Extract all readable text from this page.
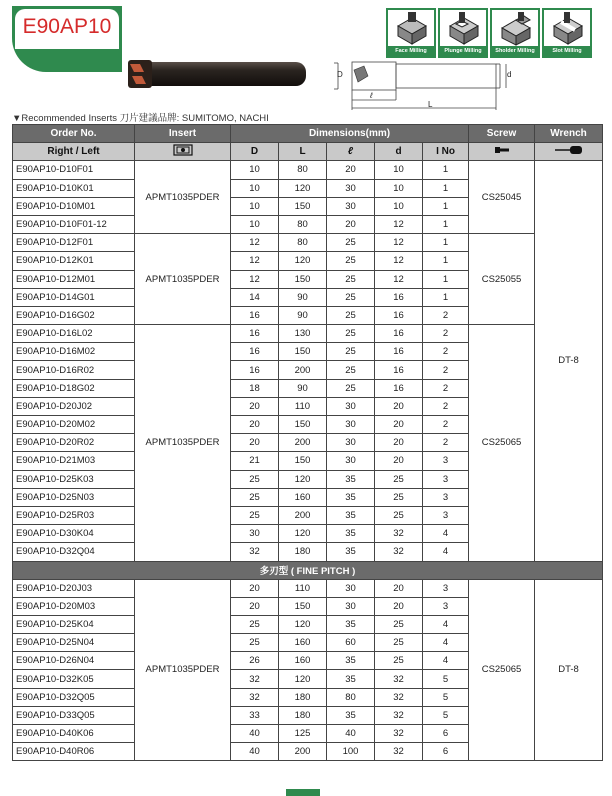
E90AP10
Face Milling	Plunge Milling	Sholder Milling	Slot Milling
D	d
ℓ
L
▼Recommended Inserts 刀片建議品牌: SUMITOMO, NACHI
Order No.	Insert	Dimensions(mm)					Screw	Wrench
Right / Left		D	L	ℓ	d	I No		
E90AP10-D10F01	APMT1035PDER	10	80	20	10	1	CS25045	DT-8
E90AP10-D10K01		10	120	30	10	1		
E90AP10-D10M01		10	150	30	10	1		
E90AP10-D10F01-12		10	80	20	12	1		
E90AP10-D12F01	APMT1035PDER	12	80	25	12	1	CS25055	
E90AP10-D12K01		12	120	25	12	1		
E90AP10-D12M01		12	150	25	12	1		
E90AP10-D14G01		14	90	25	16	1		
E90AP10-D16G02		16	90	25	16	2		
E90AP10-D16L02	APMT1035PDER	16	130	25	16	2	CS25065	
E90AP10-D16M02		16	150	25	16	2		
E90AP10-D16R02		16	200	25	16	2		
E90AP10-D18G02		18	90	25	16	2		
E90AP10-D20J02		20	110	30	20	2		
E90AP10-D20M02		20	150	30	20	2		
E90AP10-D20R02		20	200	30	20	2		
E90AP10-D21M03		21	150	30	20	3		
E90AP10-D25K03		25	120	35	25	3		
E90AP10-D25N03		25	160	35	25	3		
E90AP10-D25R03		25	200	35	25	3		
E90AP10-D30K04		30	120	35	32	4		
E90AP10-D32Q04		32	180	35	32	4		
多刃型 ( FINE PITCH )								
E90AP10-D20J03	APMT1035PDER	20	110	30	20	3	CS25065	DT-8
E90AP10-D20M03		20	150	30	20	3		
E90AP10-D25K04		25	120	35	25	4		
E90AP10-D25N04		25	160	60	25	4		
E90AP10-D26N04		26	160	35	25	4		
E90AP10-D32K05		32	120	35	32	5		
E90AP10-D32Q05		32	180	80	32	5		
E90AP10-D33Q05		33	180	35	32	5		
E90AP10-D40K06		40	125	40	32	6		
E90AP10-D40R06		40	200	100	32	6		
